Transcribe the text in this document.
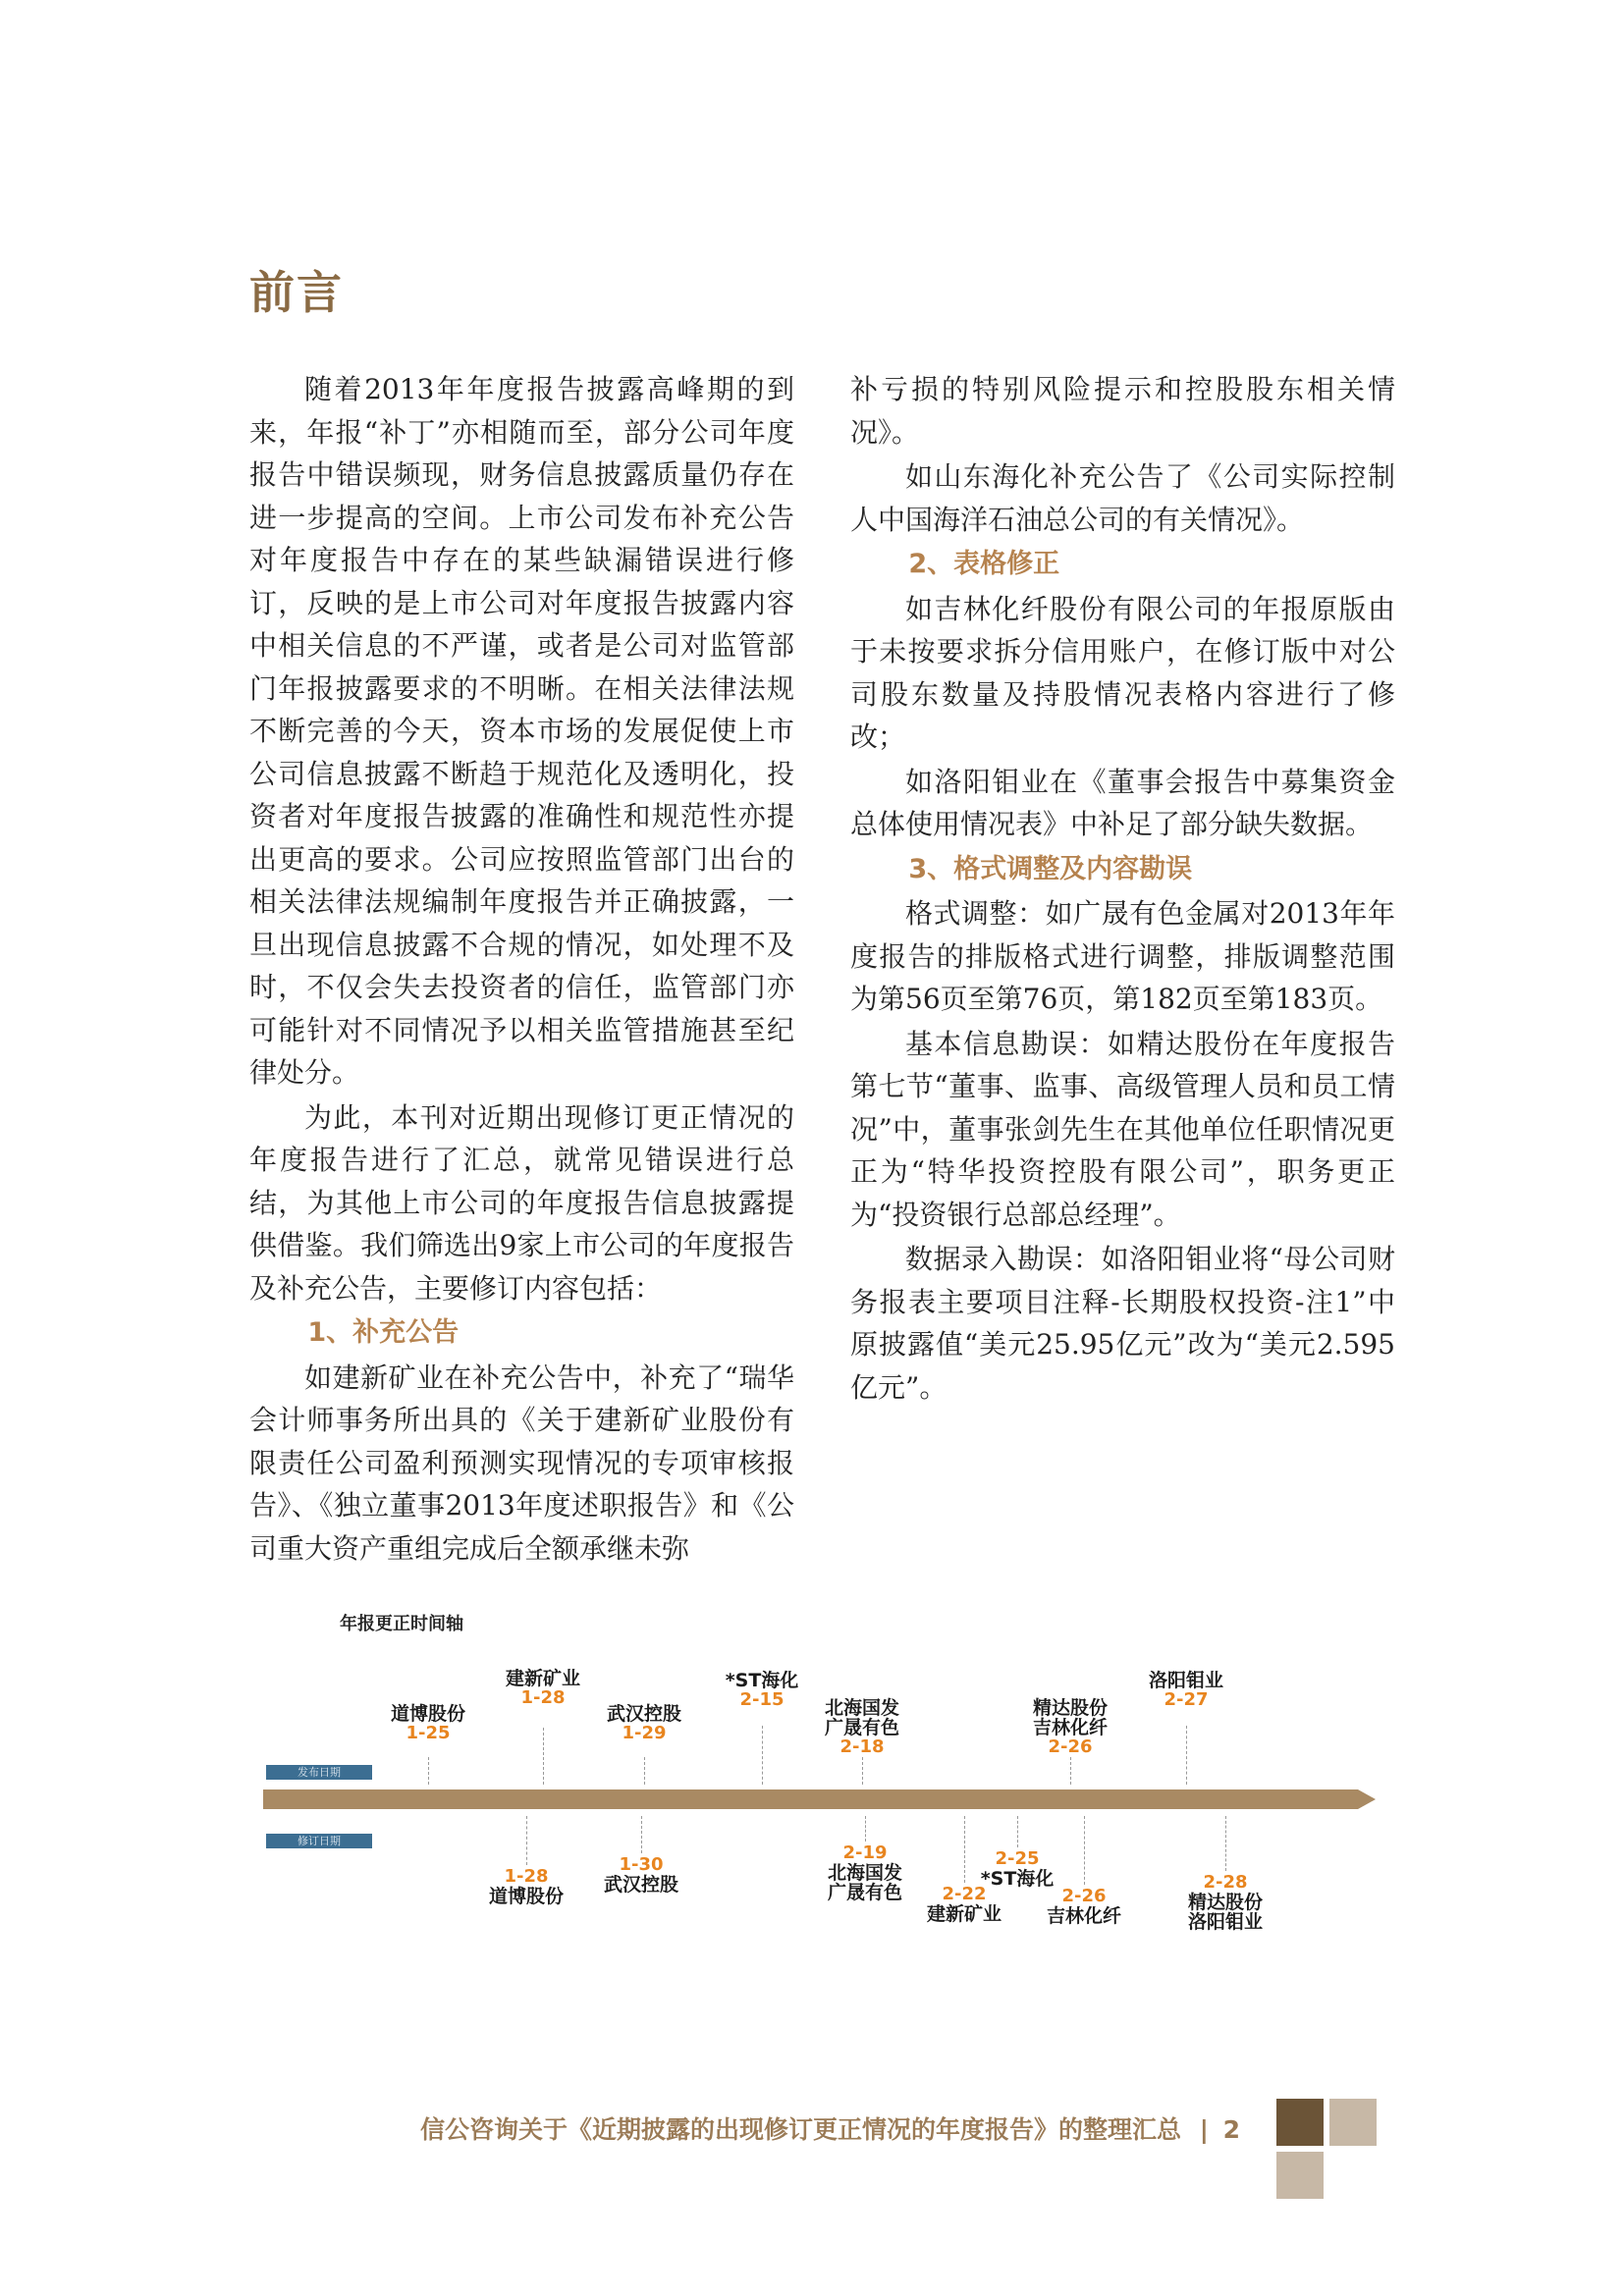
前言

随着2013年年度报告披露高峰期的到来，年报“补丁”亦相随而至，部分公司年度报告中错误频现，财务信息披露质量仍存在进一步提高的空间。上市公司发布补充公告对年度报告中存在的某些缺漏错误进行修订，反映的是上市公司对年度报告披露内容中相关信息的不严谨，或者是公司对监管部门年报披露要求的不明晰。在相关法律法规不断完善的今天，资本市场的发展促使上市公司信息披露不断趋于规范化及透明化，投资者对年度报告披露的准确性和规范性亦提出更高的要求。公司应按照监管部门出台的相关法律法规编制年度报告并正确披露，一旦出现信息披露不合规的情况，如处理不及时，不仅会失去投资者的信任，监管部门亦可能针对不同情况予以相关监管措施甚至纪律处分。

为此，本刊对近期出现修订更正情况的年度报告进行了汇总，就常见错误进行总结，为其他上市公司的年度报告信息披露提供借鉴。我们筛选出9家上市公司的年度报告及补充公告，主要修订内容包括：

1、补充公告

如建新矿业在补充公告中，补充了“瑞华会计师事务所出具的《关于建新矿业股份有限责任公司盈利预测实现情况的专项审核报告》、《独立董事2013年度述职报告》和《公司重大资产重组完成后全额承继未弥

补亏损的特别风险提示和控股股东相关情况》。

如山东海化补充公告了《公司实际控制人中国海洋石油总公司的有关情况》。

2、表格修正

如吉林化纤股份有限公司的年报原版由于未按要求拆分信用账户，在修订版中对公司股东数量及持股情况表格内容进行了修改；

如洛阳钼业在《董事会报告中募集资金总体使用情况表》中补足了部分缺失数据。

3、格式调整及内容勘误

格式调整：如广晟有色金属对2013年年度报告的排版格式进行调整，排版调整范围为第56页至第76页，第182页至第183页。

基本信息勘误：如精达股份在年度报告第七节“董事、监事、高级管理人员和员工情况”中，董事张剑先生在其他单位任职情况更正为“特华投资控股有限公司”，职务更正为“投资银行总部总经理”。

数据录入勘误：如洛阳钼业将“母公司财务报表主要项目注释-长期股权投资-注1”中原披露值“美元25.95亿元”改为“美元2.595亿元”。

年报更正时间轴
发布日期
修订日期
道博股份
1-25
建新矿业
1-28
武汉控股
1-29
*ST海化
2-15	北海国发
广晟有色
2-18
精达股份
吉林化纤
2-26
洛阳钼业
2-27
1-28
道博股份
1-30
武汉控股
2-19
北海国发
广晟有色	2-22
建新矿业
2-25
*ST海化
2-26
吉林化纤
2-28
精达股份
洛阳钼业
信公咨询关于《近期披露的出现修订更正情况的年度报告》的整理汇总 | 2
